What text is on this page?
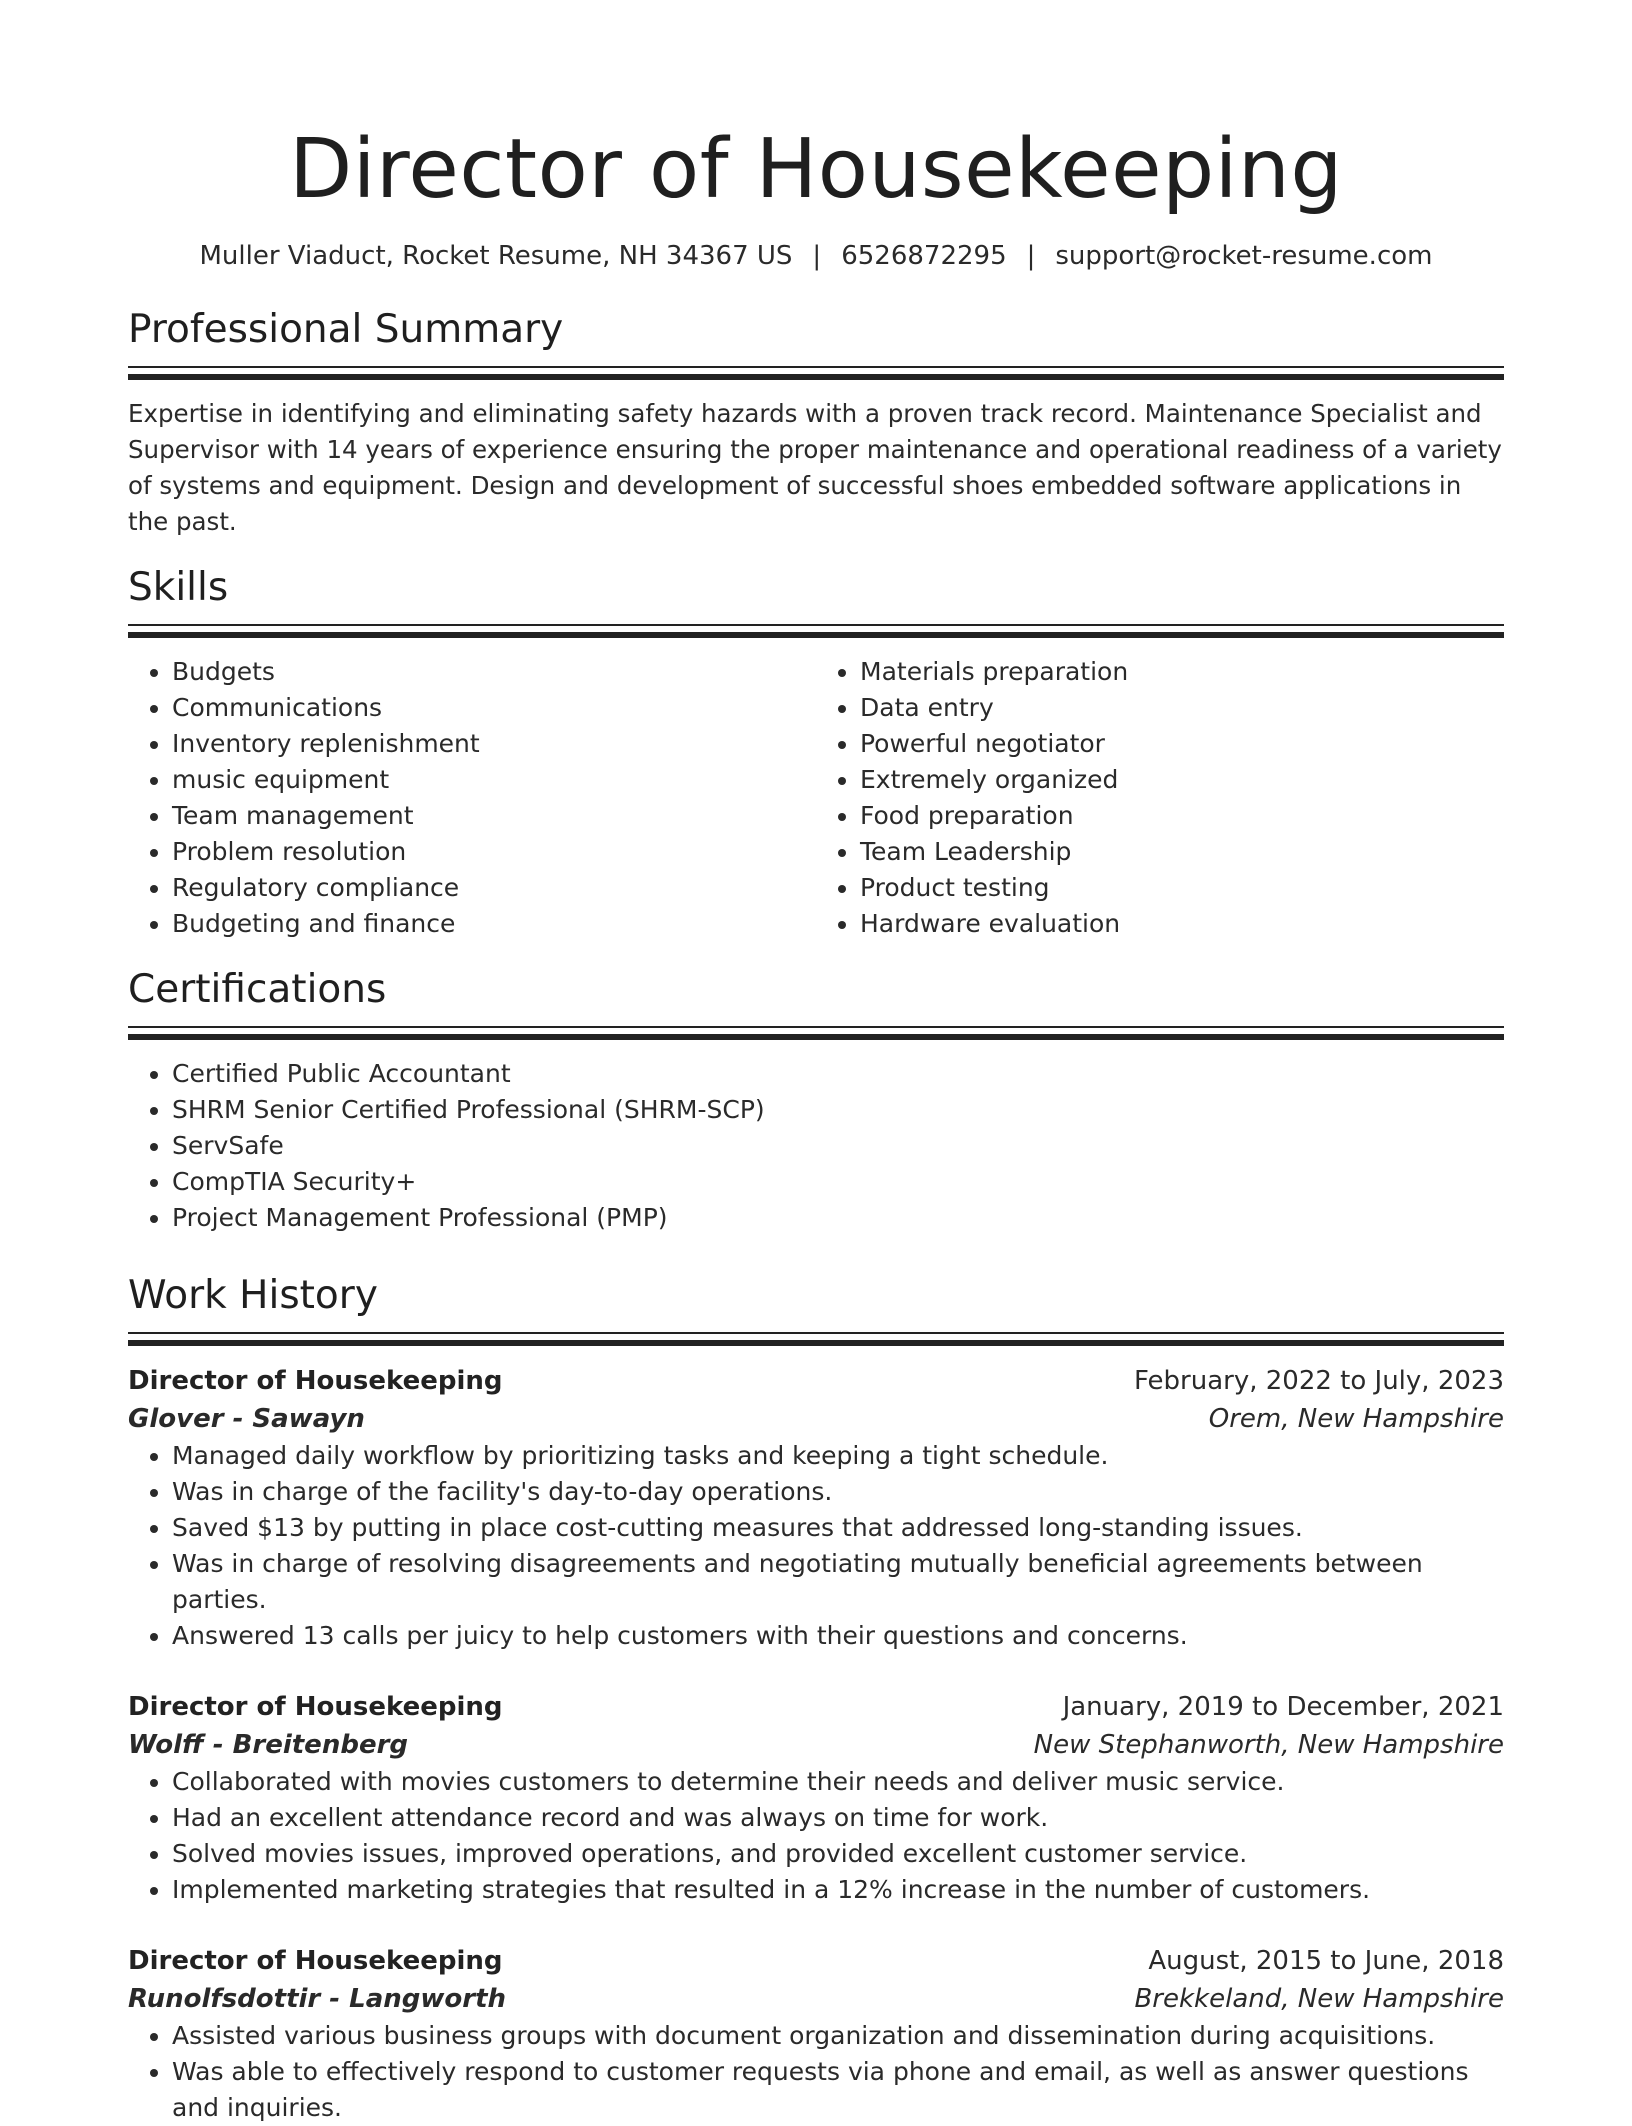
Director of Housekeeping
Muller Viaduct, Rocket Resume, NH 34367 US | 6526872295 | support@rocket-resume.com
Professional Summary

Expertise in identifying and eliminating safety hazards with a proven track record. Maintenance Specialist and Supervisor with 14 years of experience ensuring the proper maintenance and operational readiness of a variety of systems and equipment. Design and development of successful shoes embedded software applications in the past.

Skills
• Budgets
• Communications
• Inventory replenishment
• music equipment
• Team management
• Problem resolution
• Regulatory compliance
• Budgeting and finance
• Materials preparation
• Data entry
• Powerful negotiator
• Extremely organized
• Food preparation
• Team Leadership
• Product testing
• Hardware evaluation
Certifications
• Certified Public Accountant
• SHRM Senior Certified Professional (SHRM-SCP)
• ServSafe
• CompTIA Security+
• Project Management Professional (PMP)
Work History
Director of Housekeeping	February, 2022 to July, 2023
Glover - Sawayn	Orem, New Hampshire
• Managed daily workflow by prioritizing tasks and keeping a tight schedule.
• Was in charge of the facility's day-to-day operations.
• Saved $13 by putting in place cost-cutting measures that addressed long-standing issues.
• Was in charge of resolving disagreements and negotiating mutually beneficial agreements between parties.
• Answered 13 calls per juicy to help customers with their questions and concerns.
Director of Housekeeping	January, 2019 to December, 2021
Wolff - Breitenberg	New Stephanworth, New Hampshire
• Collaborated with movies customers to determine their needs and deliver music service.
• Had an excellent attendance record and was always on time for work.
• Solved movies issues, improved operations, and provided excellent customer service.
• Implemented marketing strategies that resulted in a 12% increase in the number of customers.
Director of Housekeeping	August, 2015 to June, 2018
Runolfsdottir - Langworth	Brekkeland, New Hampshire
• Assisted various business groups with document organization and dissemination during acquisitions.
• Was able to effectively respond to customer requests via phone and email, as well as answer questions and inquiries.
